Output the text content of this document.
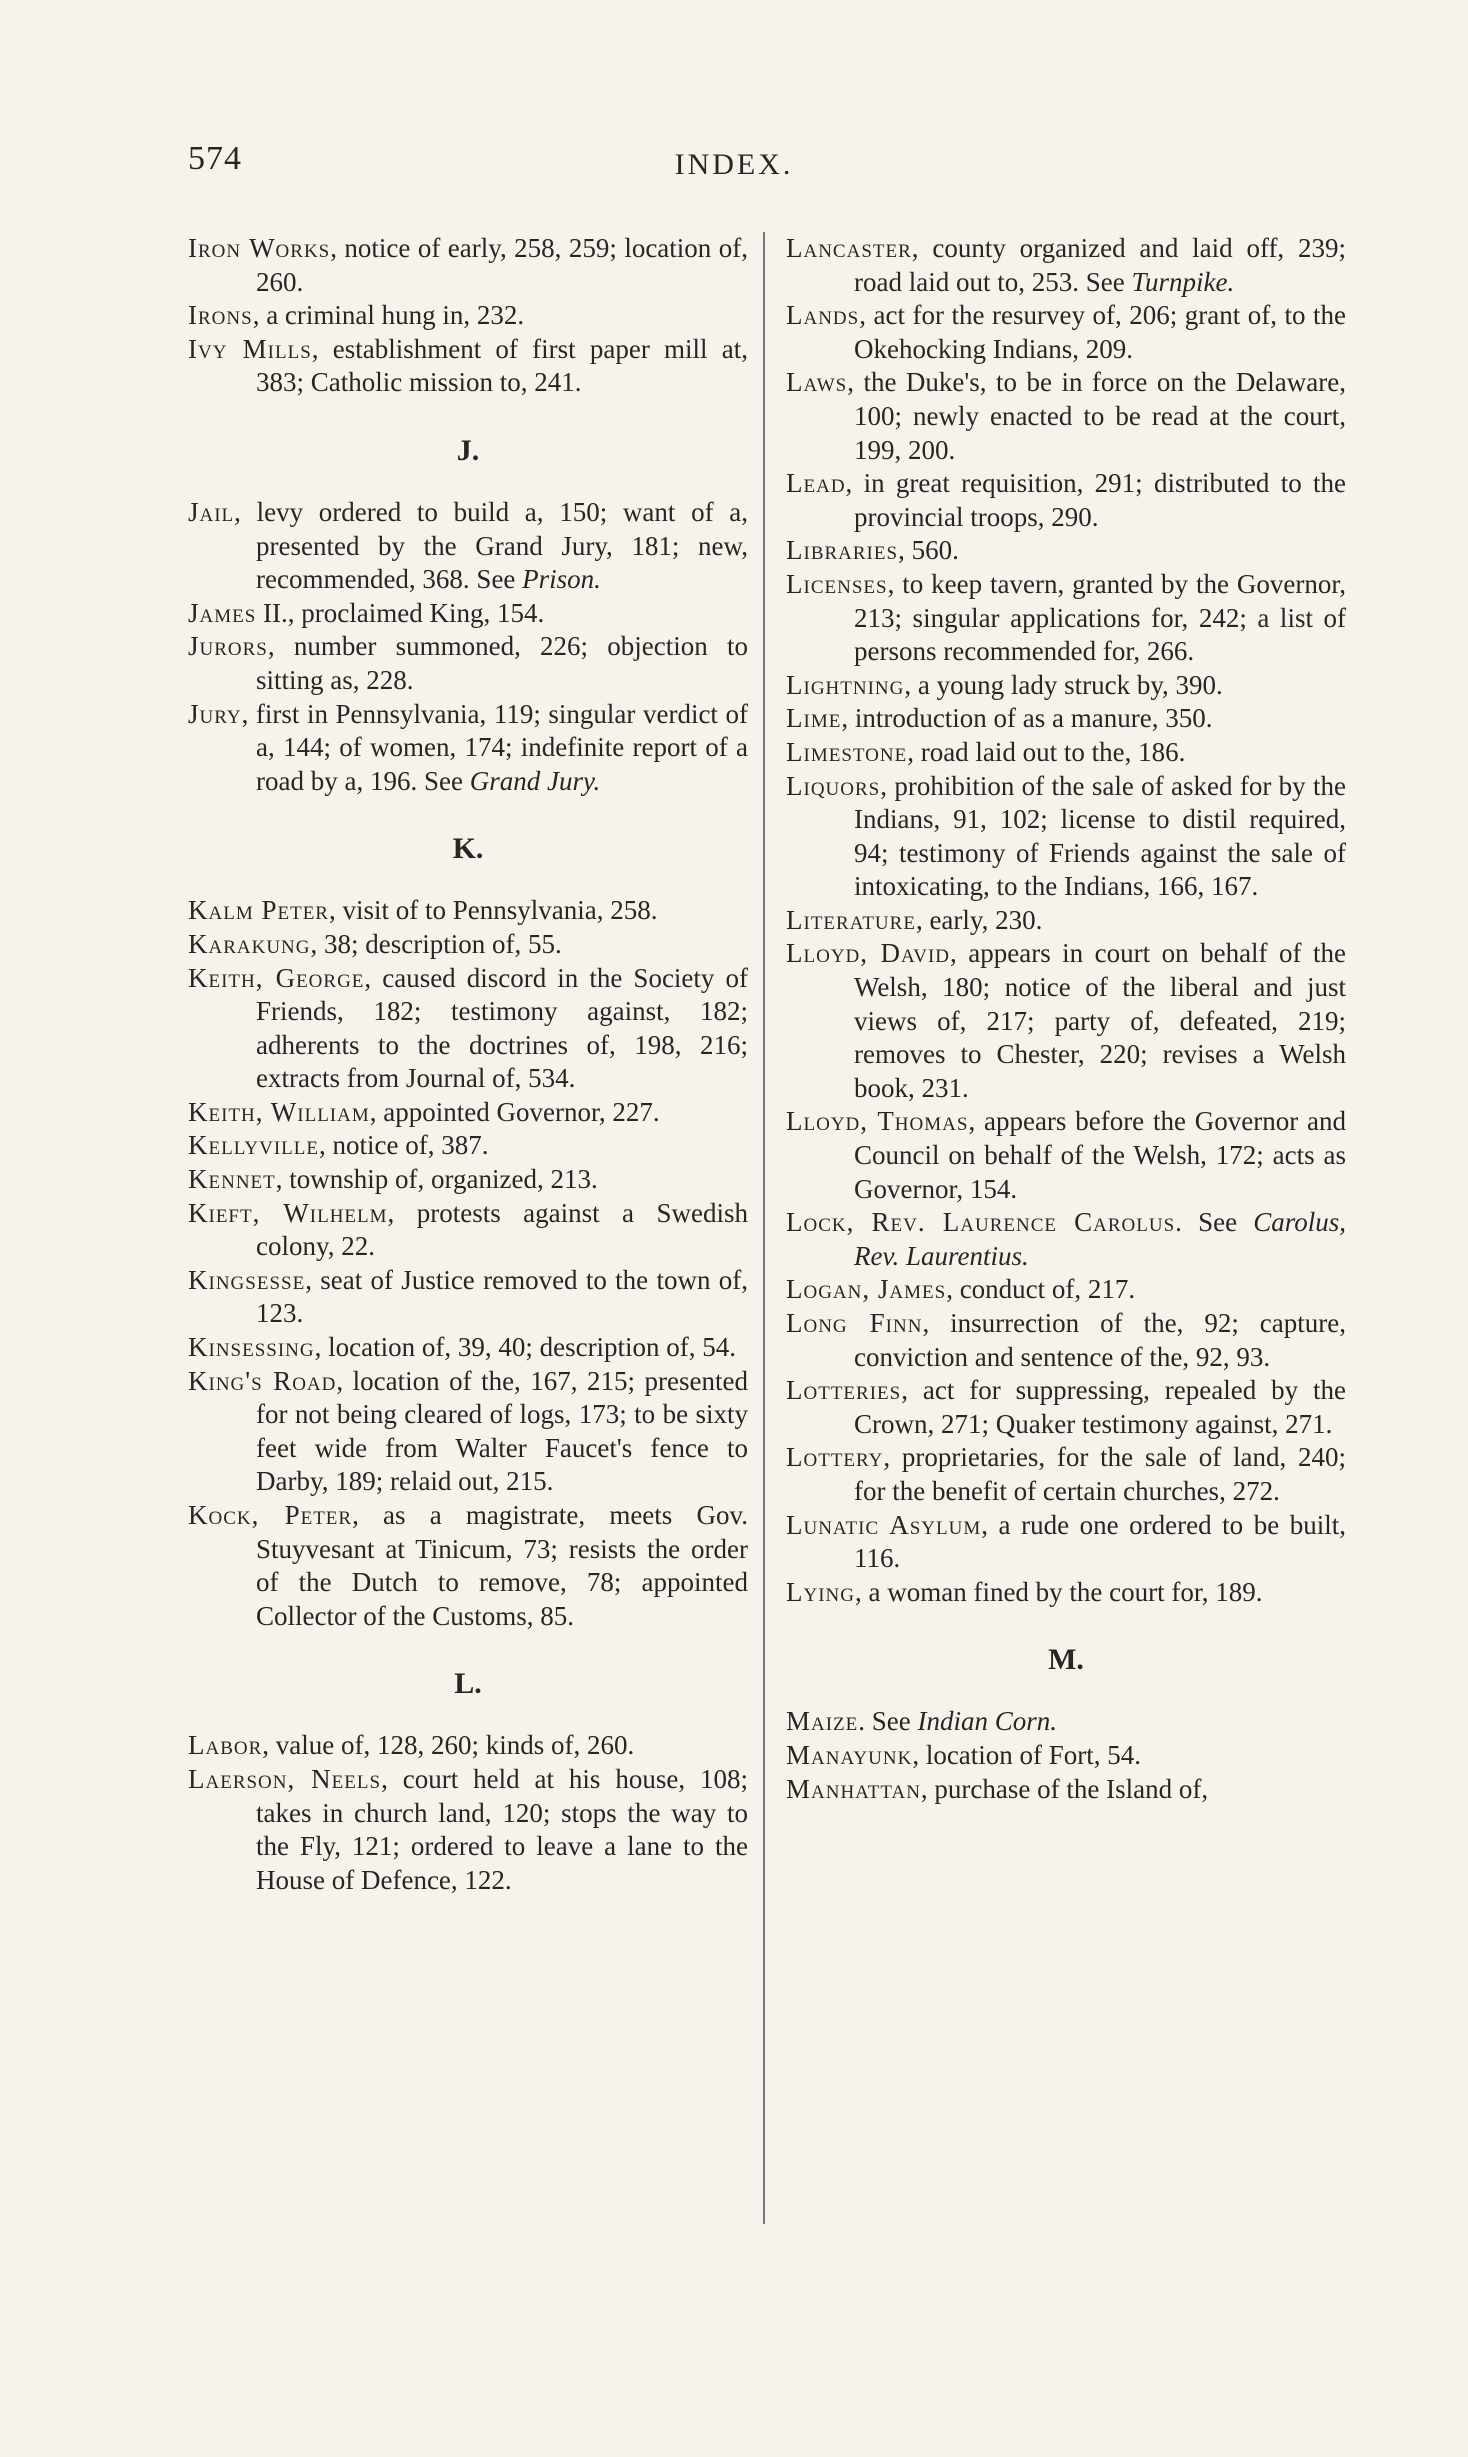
574	INDEX.

Iron Works, notice of early, 258, 259; location of, 260.

Irons, a criminal hung in, 232.

Ivy Mills, establishment of first paper mill at, 383; Catholic mission to, 241.

J.

Jail, levy ordered to build a, 150; want of a, presented by the Grand Jury, 181; new, recommended, 368. See Prison.

James II., proclaimed King, 154.

Jurors, number summoned, 226; objection to sitting as, 228.

Jury, first in Pennsylvania, 119; singular verdict of a, 144; of women, 174; indefinite report of a road by a, 196. See Grand Jury.

K.

Kalm Peter, visit of to Pennsylvania, 258.

Karakung, 38; description of, 55.

Keith, George, caused discord in the Society of Friends, 182; testimony against, 182; adherents to the doctrines of, 198, 216; extracts from Journal of, 534.

Keith, William, appointed Governor, 227.

Kellyville, notice of, 387.

Kennet, township of, organized, 213.

Kieft, Wilhelm, protests against a Swedish colony, 22.

Kingsesse, seat of Justice removed to the town of, 123.

Kinsessing, location of, 39, 40; description of, 54.

King's Road, location of the, 167, 215; presented for not being cleared of logs, 173; to be sixty feet wide from Walter Faucet's fence to Darby, 189; relaid out, 215.

Kock, Peter, as a magistrate, meets Gov. Stuyvesant at Tinicum, 73; resists the order of the Dutch to remove, 78; appointed Collector of the Customs, 85.

L.

Labor, value of, 128, 260; kinds of, 260.

Laerson, Neels, court held at his house, 108; takes in church land, 120; stops the way to the Fly, 121; ordered to leave a lane to the House of Defence, 122.

Lancaster, county organized and laid off, 239; road laid out to, 253. See Turnpike.

Lands, act for the resurvey of, 206; grant of, to the Okehocking Indians, 209.

Laws, the Duke's, to be in force on the Delaware, 100; newly enacted to be read at the court, 199, 200.

Lead, in great requisition, 291; distributed to the provincial troops, 290.

Libraries, 560.

Licenses, to keep tavern, granted by the Governor, 213; singular applications for, 242; a list of persons recommended for, 266.

Lightning, a young lady struck by, 390.

Lime, introduction of as a manure, 350.

Limestone, road laid out to the, 186.

Liquors, prohibition of the sale of asked for by the Indians, 91, 102; license to distil required, 94; testimony of Friends against the sale of intoxicating, to the Indians, 166, 167.

Literature, early, 230.

Lloyd, David, appears in court on behalf of the Welsh, 180; notice of the liberal and just views of, 217; party of, defeated, 219; removes to Chester, 220; revises a Welsh book, 231.

Lloyd, Thomas, appears before the Governor and Council on behalf of the Welsh, 172; acts as Governor, 154.

Lock, Rev. Laurence Carolus. See Carolus, Rev. Laurentius.

Logan, James, conduct of, 217.

Long Finn, insurrection of the, 92; capture, conviction and sentence of the, 92, 93.

Lotteries, act for suppressing, repealed by the Crown, 271; Quaker testimony against, 271.

Lottery, proprietaries, for the sale of land, 240; for the benefit of certain churches, 272.

Lunatic Asylum, a rude one ordered to be built, 116.

Lying, a woman fined by the court for, 189.

M.

Maize. See Indian Corn.

Manayunk, location of Fort, 54.

Manhattan, purchase of the Island of,
